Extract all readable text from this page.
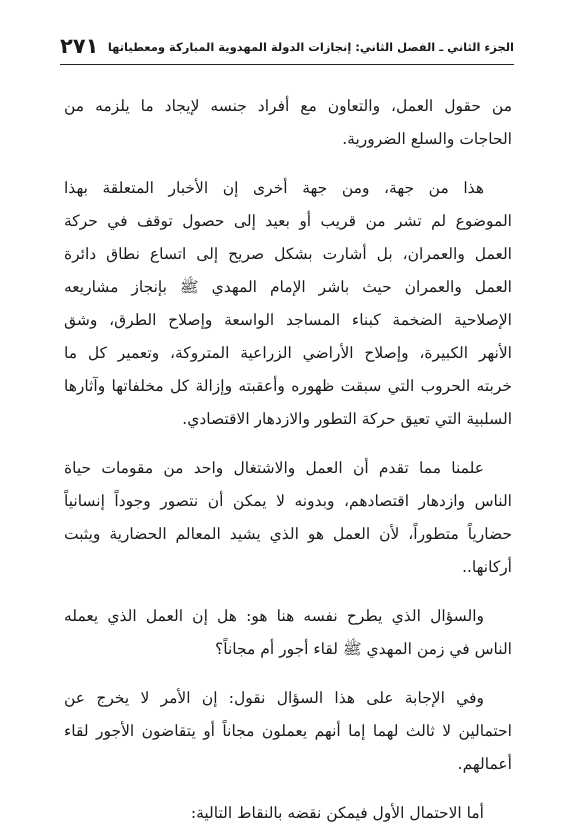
الجزء الثاني ـ الفصل الثاني: إنجازات الدولة المهدوية المباركة ومعطياتها
٢٧١
من حقول العمل، والتعاون مع أفراد جنسه لإيجاد ما يلزمه من
الحاجات والسلع الضرورية.
هذا من جهة، ومن جهة أخرى إن الأخبار المتعلقة بهذا
الموضوع لم تشر من قريب أو بعيد إلى حصول توقف في حركة
العمل والعمران، بل أشارت بشكل صريح إلى اتساع نطاق دائرة
العمل والعمران حيث باشر الإمام المهدي ﷺ بإنجاز مشاريعه
الإصلاحية الضخمة كبناء المساجد الواسعة وإصلاح الطرق، وشق
الأنهر الكبيرة، وإصلاح الأراضي الزراعية المتروكة، وتعمير كل ما
خربته الحروب التي سبقت ظهوره وأعقبته وإزالة كل مخلفاتها وآثارها
السلبية التي تعيق حركة التطور والازدهار الاقتصادي.
علمنا مما تقدم أن العمل والاشتغال واحد من مقومات حياة
الناس وازدهار اقتصادهم، وبدونه لا يمكن أن نتصور وجوداً إنسانياً
حضارياً متطوراً، لأن العمل هو الذي يشيد المعالم الحضارية ويثبت
أركانها..
والسؤال الذي يطرح نفسه هنا هو: هل إن العمل الذي يعمله
الناس في زمن المهدي ﷺ لقاء أجور أم مجاناً؟
وفي الإجابة على هذا السؤال نقول: إن الأمر لا يخرج عن
احتمالين لا ثالث لهما إما أنهم يعملون مجاناً أو يتقاضون الأجور لقاء
أعمالهم.
أما الاحتمال الأول فيمكن نقضه بالنقاط التالية:
